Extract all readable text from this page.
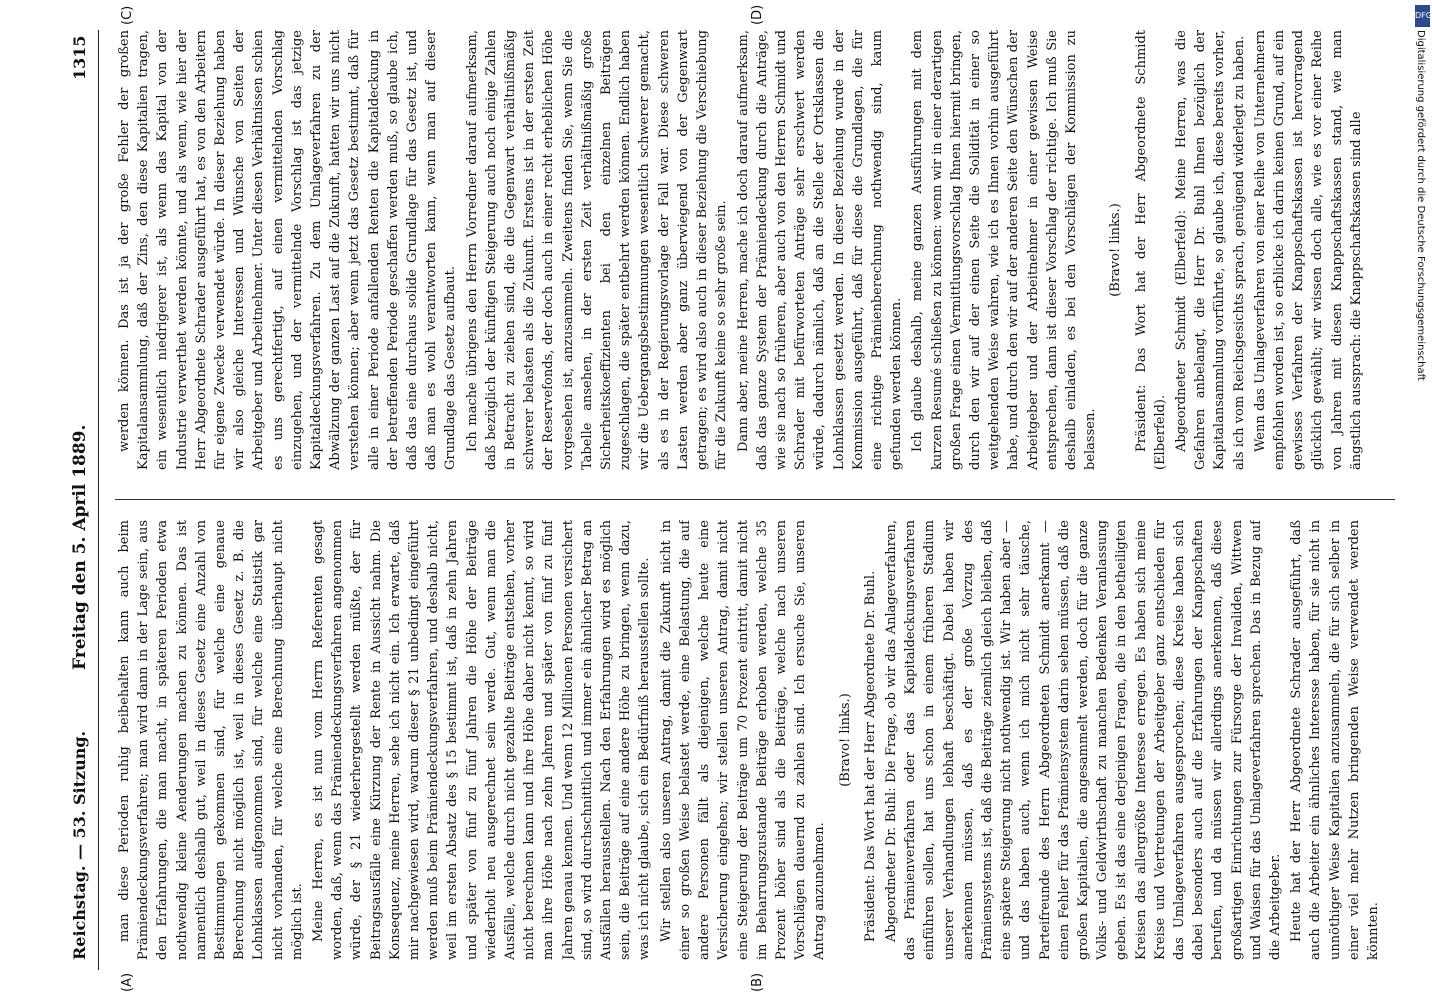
Reichstag. — 53. Sitzung.
Freitag den 5. April 1889.
1315
(A)	(B)
(C)	(D)

man diese Perioden ruhig beibehalten kann auch beim Prämiendeckungsverfahren; man wird dann in der Lage sein, aus den Erfahrungen, die man macht, in späteren Perioden etwa nothwendig kleine Aenderungen machen zu können. Das ist namentlich deshalb gut, weil in dieses Gesetz eine Anzahl von Bestimmungen gekommen sind, für welche eine genaue Berechnung nicht möglich ist, weil in dieses Gesetz z. B. die Lohnklassen aufgenommen sind, für welche eine Statistik gar nicht vorhanden, für welche eine Berechnung überhaupt nicht möglich ist. Meine Herren, es ist nun vom Herrn Referenten gesagt worden, daß, wenn das Prämiendeckungsverfahren angenommen würde, der § 21 wiederhergestellt werden müßte, der für Beitragsausfälle eine Kürzung der Rente in Aussicht nahm. Die Konsequenz, meine Herren, sehe ich nicht ein. Ich erwarte, daß mir nachgewiesen wird, warum dieser § 21 unbedingt eingeführt werden muß beim Prämiendeckungsverfahren, und deshalb nicht, weil im ersten Absatz des § 15 bestimmt ist, daß in zehn Jahren und später von fünf zu fünf Jahren die Höhe der Beiträge wiederholt neu ausgerechnet sein werde. Gut, wenn man die Ausfälle, welche durch nicht gezahlte Beiträge entstehen, vorher nicht berechnen kann und ihre Höhe daher nicht kennt, so wird man ihre Höhe nach zehn Jahren und später von fünf zu fünf Jahren genau kennen. Und wenn 12 Millionen Personen versichert sind, so wird durchschnittlich und immer ein ähnlicher Betrag an Ausfällen herausstellen. Nach den Erfahrungen wird es möglich sein, die Beiträge auf eine andere Höhe zu bringen, wenn dazu, was ich nicht glaube, sich ein Bedürfniß herausstellen sollte. Wir stellen also unseren Antrag, damit die Zukunft nicht in einer so großen Weise belastet werde, eine Belastung, die auf andere Personen fällt als diejenigen, welche heute eine Versicherung eingehen; wir stellen unseren Antrag, damit nicht eine Steigerung der Beiträge um 70 Prozent eintritt, damit nicht im Beharrungszustande Beiträge erhoben werden, welche 35 Prozent höher sind als die Beiträge, welche nach unseren Vorschlägen dauernd zu zahlen sind. Ich ersuche Sie, unseren Antrag anzunehmen.

(Bravo! links.) Präsident: Das Wort hat der Herr Abgeordnete Dr. Buhl. Abgeordneter Dr. Buhl: Die Frage, ob wir das Anlageverfahren, das Prämienverfahren oder das Kapitaldeckungsverfahren einführen sollen, hat uns schon in einem früheren Stadium unserer Verhandlungen lebhaft beschäftigt. Dabei haben wir anerkennen müssen, daß es der große Vorzug des Prämiensystems ist, daß die Beiträge ziemlich gleich bleiben, daß eine spätere Steigerung nicht nothwendig ist. Wir haben aber — und das haben auch, wenn ich mich nicht sehr täusche, Parteifreunde des Herrn Abgeordneten Schmidt anerkannt — einen Fehler für das Prämiensystem darin sehen müssen, daß die großen Kapitalien, die angesammelt werden, doch für die ganze Volks- und Geldwirthschaft zu manchen Bedenken Veranlassung geben. Es ist das eine derjenigen Fragen, die in den betheiligten Kreisen das allergrößte Interesse erregen. Es haben sich meine Kreise und Vertretungen der Arbeitgeber ganz entschieden für das Umlageverfahren ausgesprochen; diese Kreise haben sich dabei besonders auch auf die Erfahrungen der Knappschaften berufen, und da müssen wir allerdings anerkennen, daß diese großartigen Einrichtungen zur Fürsorge der Invaliden, Wittwen und Waisen für das Umlageverfahren sprechen. Das in Bezug auf die Arbeitgeber. Heute hat der Herr Abgeordnete Schrader ausgeführt, daß auch die Arbeiter ein ähnliches Interesse haben, für sie nicht in unnöthiger Weise Kapitalien anzusammeln, die für sich selber in einer viel mehr Nutzen bringenden Weise verwendet werden könnten.

werden können. Das ist ja der große Fehler der großen Kapitalansammlung, daß der Zins, den diese Kapitalien tragen, ein wesentlich niedrigerer ist, als wenn das Kapital von der Industrie verwerthet werden könnte, und als wenn, wie hier der Herr Abgeordnete Schrader ausgeführt hat, es von den Arbeitern für eigene Zwecke verwendet würde. In dieser Beziehung haben wir also gleiche Interessen und Wünsche von Seiten der Arbeitgeber und Arbeitnehmer. Unter diesen Verhältnissen schien es uns gerechtfertigt, auf einen vermittelnden Vorschlag einzugehen, und der vermittelnde Vorschlag ist das jetzige Kapitaldeckungsverfahren. Zu dem Umlageverfahren zu der Abwälzung der ganzen Last auf die Zukunft, hatten wir uns nicht verstehen können; aber wenn jetzt das Gesetz bestimmt, daß für alle in einer Periode anfallenden Renten die Kapitaldeckung in der betreffenden Periode geschaffen werden muß, so glaube ich, daß das eine durchaus solide Grundlage für das Gesetz ist, und daß man es wohl verantworten kann, wenn man auf dieser Grundlage das Gesetz aufbaut. Ich mache übrigens den Herrn Vorredner darauf aufmerksam, daß bezüglich der künftigen Steigerung auch noch einige Zahlen in Betracht zu ziehen sind, die die Gegenwart verhältnißmäßig schwerer belasten als die Zukunft. Erstens ist in der ersten Zeit der Reservefonds, der doch auch in einer recht erheblichen Höhe vorgesehen ist, anzusammeln. Zweitens finden Sie, wenn Sie die Tabelle ansehen, in der ersten Zeit verhältnißmäßig große Sicherheitskoeffizienten bei den einzelnen Beiträgen zugeschlagen, die später entbehrt werden können. Endlich haben wir die Uebergangsbestimmungen wesentlich schwerer gemacht, als es in der Regierungsvorlage der Fall war. Diese schweren Lasten werden aber ganz überwiegend von der Gegenwart getragen; es wird also auch in dieser Beziehung die Verschiebung für die Zukunft keine so sehr große sein. Dann aber, meine Herren, mache ich doch darauf aufmerksam, daß das ganze System der Prämiendeckung durch die Anträge, wie sie nach so früheren, aber auch von den Herren Schmidt und Schrader mit befürworteten Anträge sehr erschwert werden würde, dadurch nämlich, daß an die Stelle der Ortsklassen die Lohnklassen gesetzt werden. In dieser Beziehung wurde in der Kommission ausgeführt, daß für diese die Grundlagen, die für eine richtige Prämienberechnung nothwendig sind, kaum gefunden werden können. Ich glaube deshalb, meine ganzen Ausführungen mit dem kurzen Resumé schließen zu können: wenn wir in einer derartigen großen Frage einen Vermittlungsvorschlag Ihnen hiermit bringen, durch den wir auf der einen Seite die Solidität in einer so weitgehenden Weise wahren, wie ich es Ihnen vorhin ausgeführt habe, und durch den wir auf der anderen Seite den Wünschen der Arbeitgeber und der Arbeitnehmer in einer gewissen Weise entsprechen, dann ist dieser Vorschlag der richtige. Ich muß Sie deshalb einladen, es bei den Vorschlägen der Kommission zu belassen.

(Bravo! links.) Präsident: Das Wort hat der Herr Abgeordnete Schmidt (Elberfeld). Abgeordneter Schmidt (Elberfeld): Meine Herren, was die Gefahren anbelangt, die Herr Dr. Buhl Ihnen bezüglich der Kapitalansammlung vorführte, so glaube ich, diese bereits vorher, als ich vom Reichsgesichts sprach, genügend widerlegt zu haben. Wenn das Umlageverfahren von einer Reihe von Unternehmern empfohlen worden ist, so erblicke ich darin keinen Grund, auf ein gewisses Verfahren der Knappschaftskassen ist hervorragend glücklich gewählt; wir wissen doch alle, wie es vor einer Reihe von Jahren mit diesen Knappschaftskassen stand, wie man ängstlich aussprach: die Knappschaftskassen sind alle

DFG
Digitalisierung gefördert durch die Deutsche Forschungsgemeinschaft
